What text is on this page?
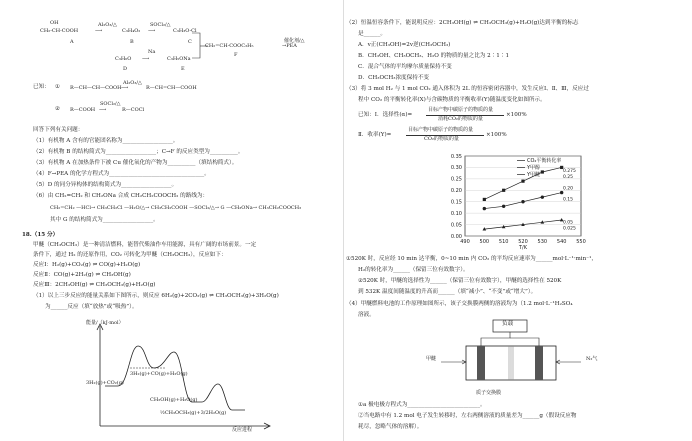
OH
CH₂-CH-COOH
A
Al₂O₃/△
⟶	C₃H₄O₂
B
SOCl₂/△
⟶	C₃H₃O-Cl
C
CH₂=CH-COOC₃H₅
F
催化剂/△
→PEA
C₃H₆O
D
Na
⟶	C₃H₅ONa
E
已知： ① R—CH—CH—COOH
Al₂O₃/△
⟶	R—CH=CH—COOH
② R—COOH
SOCl₂/△
⟶	R—COCl
回答下列有关问题：
（1）有机物 A 含有的官能团名称为__________________。
（2）有机物 B 的结构简式为__________________；C→F 的反应类型为__________。
（3）有机物 A 在加热条件下被 Cu 催化氧化的产物为__________（填结构简式）。
（4）F→PEA 的化学方程式为__________________________________。
（5）D 的同分异构体的结构简式为__________________。
（6）由 CH₂=CH₂ 和 CH₂ONa 合成 CH₂CH₂COOCH₂ 的路线为：
CH₂=CH₂ —HCl→ CH₃CH₂Cl —H₂O/△→ CH₃CH₂COOH —SOCl₂/△→ G —CH₃ONa→ CH₃CH₂COOCH₃
其中 G 的结构简式为__________________。
18.（15 分）
甲醚（CH₃OCH₃）是一种清洁燃料，能替代柴油作车用能源，具有广阔的市场前景。一定
条件下，通过 H₂ 的还原作用，CO₂ 可转化为甲醚（CH₃OCH₃），反应如下：
反应Ⅰ：H₂(g)+CO₂(g) ⇌ CO(g)+H₂O(g)
反应Ⅱ：CO(g)+2H₂(g) ⇌ CH₃OH(g)
反应Ⅲ：2CH₃OH(g) ⇌ CH₃OCH₃(g)+H₂O(g)
（1）以上三步反应的能量关系如下图所示，则反应 6H₂(g)+2CO₂(g) ⇌ CH₃OCH₃(g)+3H₂O(g)
为______反应（填“放热”或“吸热”）。
能量/（kJ·mol）
反应进程
3H₂(g)+CO(g)+H₂O(g)
3H₂(g)+CO₂(g)
CH₃OH(g)+H₂O(g)
½CH₃OCH₃(g)+3/2H₂O(g)
（2）恒温恒容条件下，能说明反应：2CH₃OH(g) ⇌ CH₃OCH₃(g)+H₂O(g)达到平衡的标志
是______。
A．v正(CH₃OH)=2v逆(CH₃OCH₃)
B．CH₃OH、CH₃OCH₃、H₂O 的物质的量之比为 2∶1∶1
C．混合气体的平均摩尔质量保持不变
D．CH₃OCH₃浓度保持不变
（3）将 3 mol H₂ 与 1 mol CO₂ 通入体积为 2L 的恒容密闭容器中，发生反应Ⅰ、Ⅱ、Ⅲ，反应过
程中 CO₂ 的平衡转化率(X)与含碳物质的平衡收率(Y)随温度变化如图所示。
已知：Ⅰ．选择性(α)=
目标产物中碳原子的物质的量
消耗CO₂的物质的量
×100%
Ⅱ．收率(Y)=
目标产物中碳原子的物质的量
CO₂的物质的量
×100%
0.00
0.05
0.10
0.15
0.20
0.25
0.30
0.35
490 500 510 520 530 540 550
T/K
CO₂平衡转化率
Y甲醇
Y甲醚
0.275
0.25
0.20
0.15
0.05
0.025
①520K 时，反应经 10 min 达平衡，0~10 min 内 CO₂ 的平均反应速率为______mol·L⁻¹·min⁻¹，
H₂的转化率为______（保留三位有效数字）。
②520K 时，甲醚的选择性为______（保留三位有效数字），甲醚的选择性在 520K
到 532K 温度间随温度的升高而______（填“减小”、“不变”或“增大”）。
（4）甲醚燃料电池的工作原理如图所示，该子交换膜两侧的溶液均为（1.2 mol·L⁻¹H₂SO₄
溶液。
负载
甲醚	N₂气
质子交换膜
①a 极电极方程式为__________________________。
②当电路中有 1.2 mol 电子发生转移时，左右两侧溶液的质量差为______g（假设反应物
耗尽，忽略气体的溶解）。
